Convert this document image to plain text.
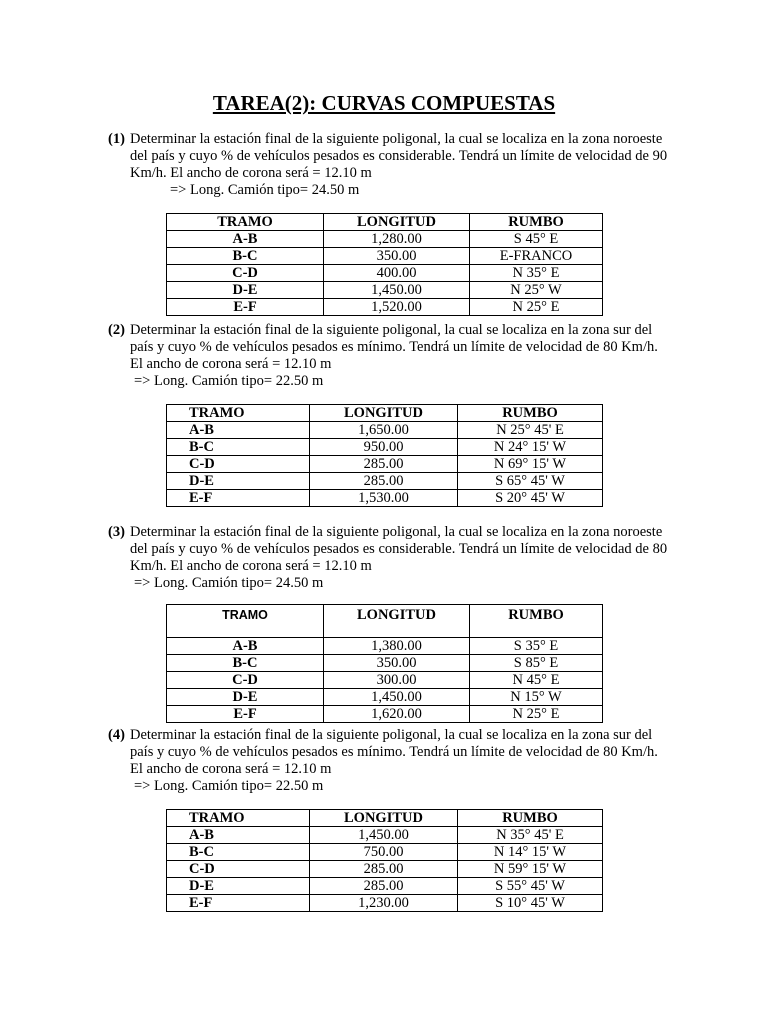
TAREA(2): CURVAS COMPUESTAS
(1) Determinar la estación final de la siguiente poligonal, la cual se localiza en la zona noroeste del país y cuyo % de vehículos pesados es considerable. Tendrá un límite de velocidad de 90 Km/h. El ancho de corona será = 12.10 m
=> Long. Camión tipo= 24.50 m
TRAMO	LONGITUD	RUMBO
A-B	1,280.00	S 45° E
B-C	350.00	E-FRANCO
C-D	400.00	N 35° E
D-E	1,450.00	N 25° W
E-F	1,520.00	N 25° E
(2) Determinar la estación final de la siguiente poligonal, la cual se localiza en la zona sur del país y cuyo % de vehículos pesados es mínimo. Tendrá un límite de velocidad de 80 Km/h. El ancho de corona será = 12.10 m
=> Long. Camión tipo= 22.50 m
TRAMO	LONGITUD	RUMBO
A-B	1,650.00	N 25° 45' E
B-C	950.00	N 24° 15' W
C-D	285.00	N 69° 15' W
D-E	285.00	S 65° 45' W
E-F	1,530.00	S 20° 45' W
(3) Determinar la estación final de la siguiente poligonal, la cual se localiza en la zona noroeste del país y cuyo % de vehículos pesados es considerable. Tendrá un límite de velocidad de 80 Km/h. El ancho de corona será = 12.10 m
=> Long. Camión tipo= 24.50 m
TRAMO	LONGITUD	RUMBO
A-B	1,380.00	S 35° E
B-C	350.00	S 85° E
C-D	300.00	N 45° E
D-E	1,450.00	N 15° W
E-F	1,620.00	N 25° E
(4) Determinar la estación final de la siguiente poligonal, la cual se localiza en la zona sur del país y cuyo % de vehículos pesados es mínimo. Tendrá un límite de velocidad de 80 Km/h. El ancho de corona será = 12.10 m
=> Long. Camión tipo= 22.50 m
TRAMO	LONGITUD	RUMBO
A-B	1,450.00	N 35° 45' E
B-C	750.00	N 14° 15' W
C-D	285.00	N 59° 15' W
D-E	285.00	S 55° 45' W
E-F	1,230.00	S 10° 45' W
